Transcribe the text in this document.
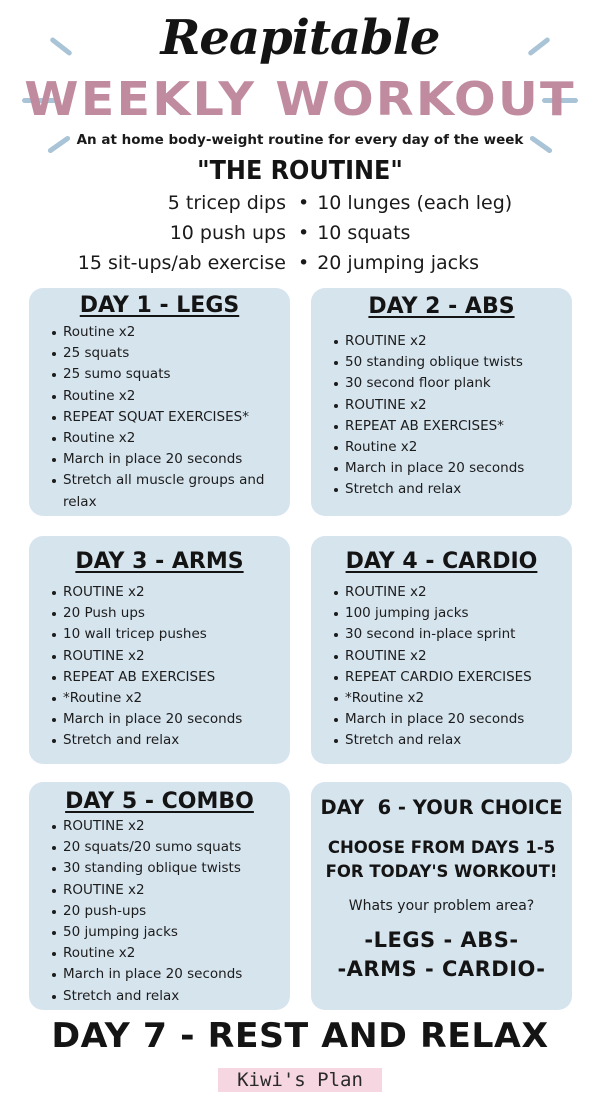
Reapitable
WEEKLY WORKOUT
An at home body-weight routine for every day of the week
"THE ROUTINE"
5 tricep dips
10 push ups
15 sit-ups/ab exercise
• 10 lunges (each leg)
• 10 squats
• 20 jumping jacks
DAY 1 - LEGS
Routine x2
25 squats
25 sumo squats
Routine x2
REPEAT SQUAT EXERCISES*
Routine x2
March in place 20 seconds
Stretch all muscle groups and relax
DAY 2 - ABS
ROUTINE x2
50 standing oblique twists
30 second floor plank
ROUTINE x2
REPEAT AB EXERCISES*
Routine x2
March in place 20 seconds
Stretch and relax
DAY 3 - ARMS
ROUTINE x2
20 Push ups
10 wall tricep pushes
ROUTINE x2
REPEAT AB EXERCISES
*Routine x2
March in place 20 seconds
Stretch and relax
DAY 4 - CARDIO
ROUTINE x2
100 jumping jacks
30 second in-place sprint
ROUTINE x2
REPEAT CARDIO EXERCISES
*Routine x2
March in place 20 seconds
Stretch and relax
DAY 5 - COMBO
ROUTINE x2
20 squats/20 sumo squats
30 standing oblique twists
ROUTINE x2
20 push-ups
50 jumping jacks
Routine x2
March in place 20 seconds
Stretch and relax
DAY  6 - YOUR CHOICE
CHOOSE FROM DAYS 1-5
FOR TODAY'S WORKOUT!
Whats your problem area?
-LEGS - ABS-
-ARMS - CARDIO-
DAY 7 - REST AND RELAX
Kiwi's Plan
